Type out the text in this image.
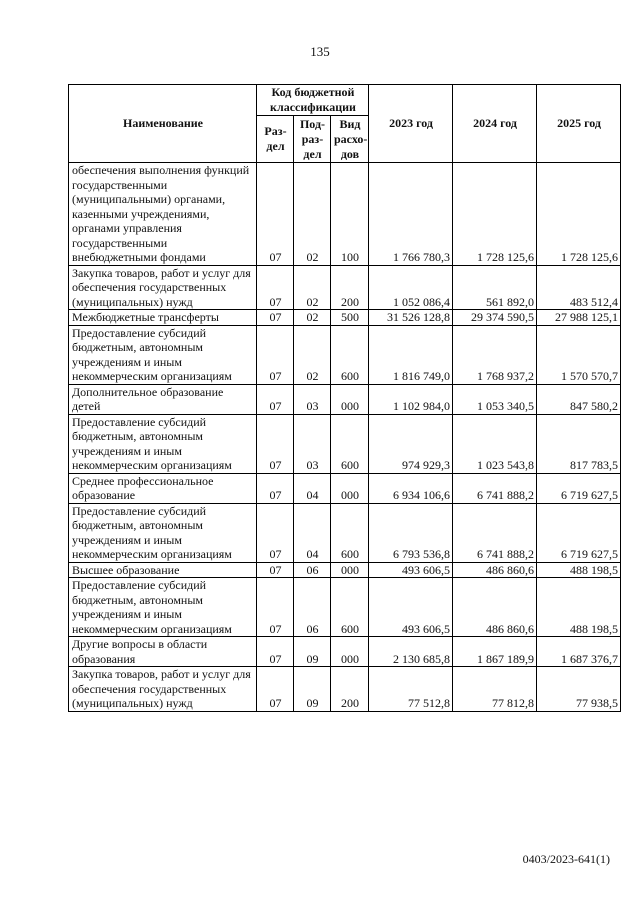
135
Наименование	Код бюджетной классификации			2023 год	2024 год	2025 год
	Раз-дел	Под-раз-дел	Вид расхо-дов			
обеспечения выполнения функций государственными (муниципальными) органами, казенными учреждениями, органами управления государственными внебюджетными фондами	07	02	100	1 766 780,3	1 728 125,6	1 728 125,6
Закупка товаров, работ и услуг для обеспечения государственных (муниципальных) нужд	07	02	200	1 052 086,4	561 892,0	483 512,4
Межбюджетные трансферты	07	02	500	31 526 128,8	29 374 590,5	27 988 125,1
Предоставление субсидий бюджетным, автономным учреждениям и иным некоммерческим организациям	07	02	600	1 816 749,0	1 768 937,2	1 570 570,7
Дополнительное образование детей	07	03	000	1 102 984,0	1 053 340,5	847 580,2
Предоставление субсидий бюджетным, автономным учреждениям и иным некоммерческим организациям	07	03	600	974 929,3	1 023 543,8	817 783,5
Среднее профессиональное образование	07	04	000	6 934 106,6	6 741 888,2	6 719 627,5
Предоставление субсидий бюджетным, автономным учреждениям и иным некоммерческим организациям	07	04	600	6 793 536,8	6 741 888,2	6 719 627,5
Высшее образование	07	06	000	493 606,5	486 860,6	488 198,5
Предоставление субсидий бюджетным, автономным учреждениям и иным некоммерческим организациям	07	06	600	493 606,5	486 860,6	488 198,5
Другие вопросы в области образования	07	09	000	2 130 685,8	1 867 189,9	1 687 376,7
Закупка товаров, работ и услуг для обеспечения государственных (муниципальных) нужд	07	09	200	77 512,8	77 812,8	77 938,5
0403/2023-641(1)
